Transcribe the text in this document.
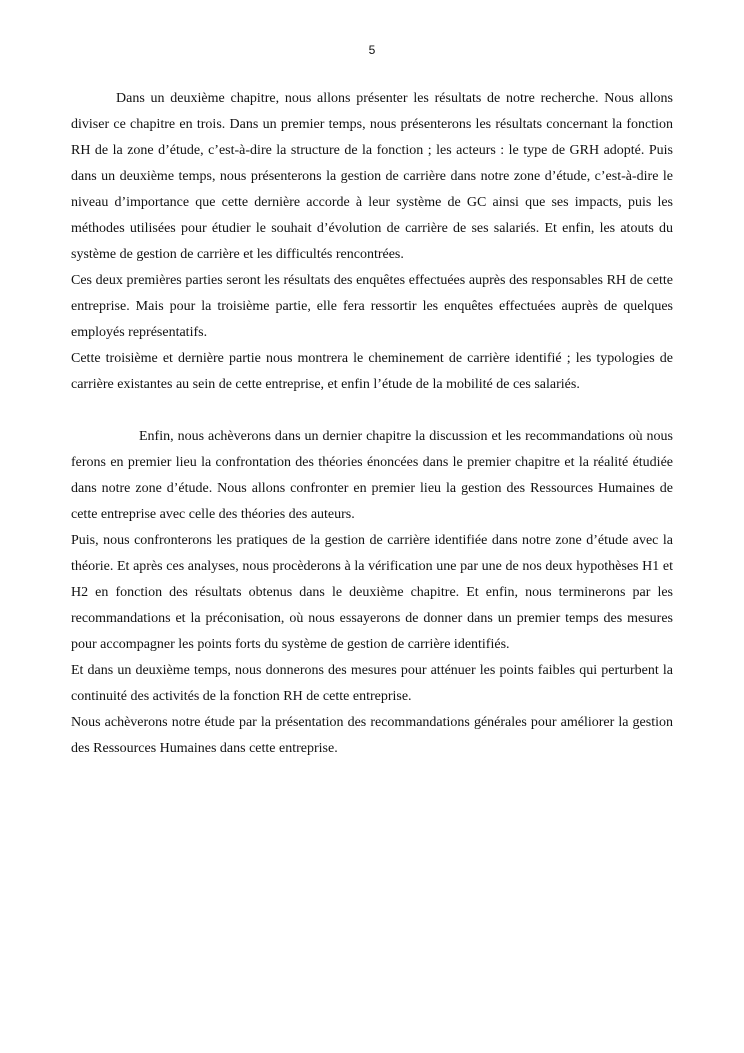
5

Dans un deuxième chapitre, nous allons présenter les résultats de notre recherche. Nous allons diviser ce chapitre en trois. Dans un premier temps, nous présenterons les résultats concernant la fonction RH de la zone d’étude, c’est-à-dire la structure de la fonction ; les acteurs : le type de GRH adopté. Puis dans un deuxième temps, nous présenterons la gestion de carrière dans notre zone d’étude, c’est-à-dire le niveau d’importance que cette dernière accorde à leur système de GC ainsi que ses impacts, puis les méthodes utilisées pour étudier le souhait d’évolution de carrière de ses salariés. Et enfin, les atouts du système de gestion de carrière et les difficultés rencontrées.

Ces deux premières parties seront les résultats des enquêtes effectuées auprès des responsables RH de cette entreprise. Mais pour la troisième partie, elle fera ressortir les enquêtes effectuées auprès de quelques employés représentatifs.

Cette troisième et dernière partie nous montrera le cheminement de carrière identifié ; les typologies de carrière existantes au sein de cette entreprise, et enfin l’étude de la mobilité de ces salariés.

Enfin, nous achèverons dans un dernier chapitre la discussion et les recommandations où nous ferons en premier lieu la confrontation des théories énoncées dans le premier chapitre et la réalité étudiée dans notre zone d’étude. Nous allons confronter en premier lieu la gestion des Ressources Humaines de cette entreprise avec celle des théories des auteurs.

Puis, nous confronterons les pratiques de la gestion de carrière identifiée dans notre zone d’étude avec la théorie. Et après ces analyses, nous procèderons à la vérification une par une de nos deux hypothèses H1 et H2 en fonction des résultats obtenus dans le deuxième chapitre. Et enfin, nous terminerons par les recommandations et la préconisation, où nous essayerons de donner dans un premier temps des mesures pour accompagner les points forts du système de gestion de carrière identifiés.

Et dans un deuxième temps, nous donnerons des mesures pour atténuer les points faibles qui perturbent la continuité des activités de la fonction RH de cette entreprise.

Nous achèverons notre étude par la présentation des recommandations générales pour améliorer la gestion des Ressources Humaines dans cette entreprise.
